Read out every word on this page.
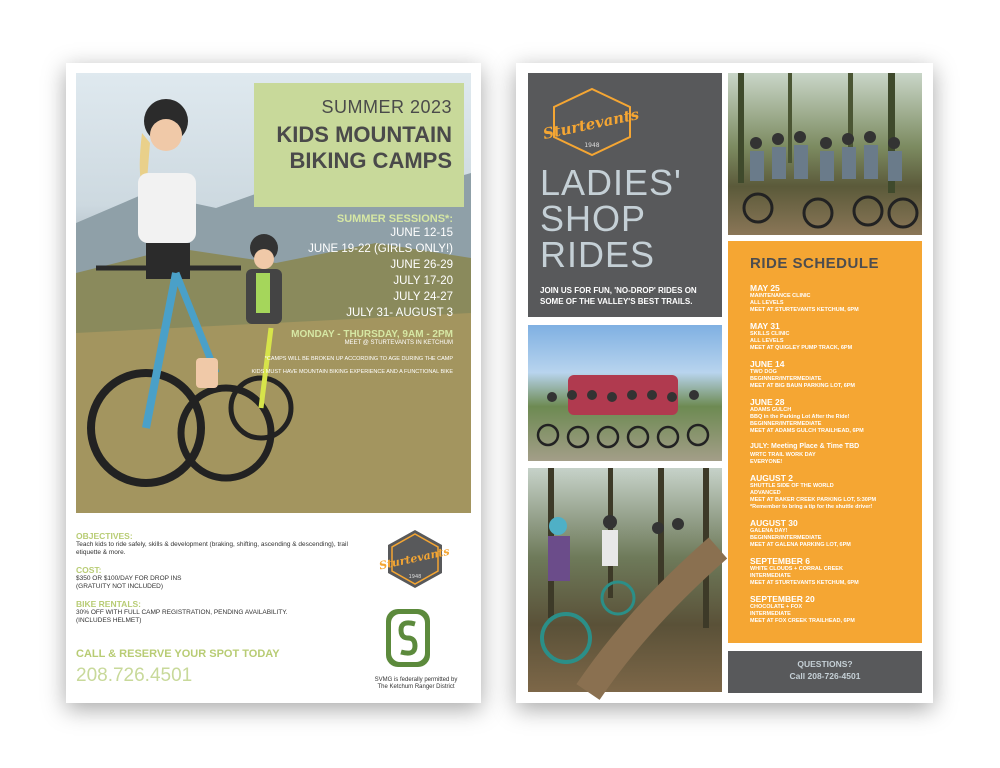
SUMMER 2023
KIDS MOUNTAIN
BIKING CAMPS
SUMMER SESSIONS*:
JUNE 12-15
JUNE 19-22 (GIRLS ONLY!)
JUNE 26-29
JULY 17-20
JULY 24-27
JULY 31- AUGUST 3
MONDAY - THURSDAY, 9AM - 2PM
MEET @ STURTEVANTS IN KETCHUM
*CAMPS WILL BE BROKEN UP ACCORDING TO AGE DURING THE CAMP
KIDS MUST HAVE MOUNTAIN BIKING EXPERIENCE AND A FUNCTIONAL BIKE
OBJECTIVES:
Teach kids to ride safely, skills & development (braking, shifting, ascending & descending), trail etiquette & more.
COST:
$350 OR $100/DAY FOR DROP INS
(GRATUITY NOT INCLUDED)
BIKE RENTALS:
30% OFF WITH FULL CAMP REGISTRATION, PENDING AVAILABILITY.
(INCLUDES HELMET)
CALL & RESERVE YOUR SPOT TODAY
208.726.4501
Sturtevants
1948
SVMG is federally permitted by
The Ketchum Ranger District
Sturtevants
1948
LADIES'
SHOP
RIDES
JOIN US FOR FUN, 'NO-DROP' RIDES ON SOME OF THE VALLEY'S BEST TRAILS.
RIDE SCHEDULE
MAY 25
MAINTENANCE CLINIC
ALL LEVELS
MEET AT STURTEVANTS KETCHUM, 6PM
MAY 31
SKILLS CLINIC
ALL LEVELS
MEET AT QUIGLEY PUMP TRACK, 6PM
JUNE 14
TWO DOG
BEGINNER/INTERMEDIATE
MEET AT BIG BAUN PARKING LOT, 6PM
JUNE 28
ADAMS GULCH
BBQ in the Parking Lot After the Ride!
BEGINNER/INTERMEDIATE
MEET AT ADAMS GULCH TRAILHEAD, 6PM
JULY: Meeting Place & Time TBD
WRTC TRAIL WORK DAY
EVERYONE!
AUGUST 2
SHUTTLE SIDE OF THE WORLD
ADVANCED
MEET AT BAKER CREEK PARKING LOT, 5:30PM
*Remember to bring a tip for the shuttle driver!
AUGUST 30
GALENA DAY!
BEGINNER/INTERMEDIATE
MEET AT GALENA PARKING LOT, 6PM
SEPTEMBER 6
WHITE CLOUDS + CORRAL CREEK
INTERMEDIATE
MEET AT STURTEVANTS KETCHUM, 6PM
SEPTEMBER 20
CHOCOLATE + FOX
INTERMEDIATE
MEET AT FOX CREEK TRAILHEAD, 6PM
QUESTIONS?
Call 208-726-4501
